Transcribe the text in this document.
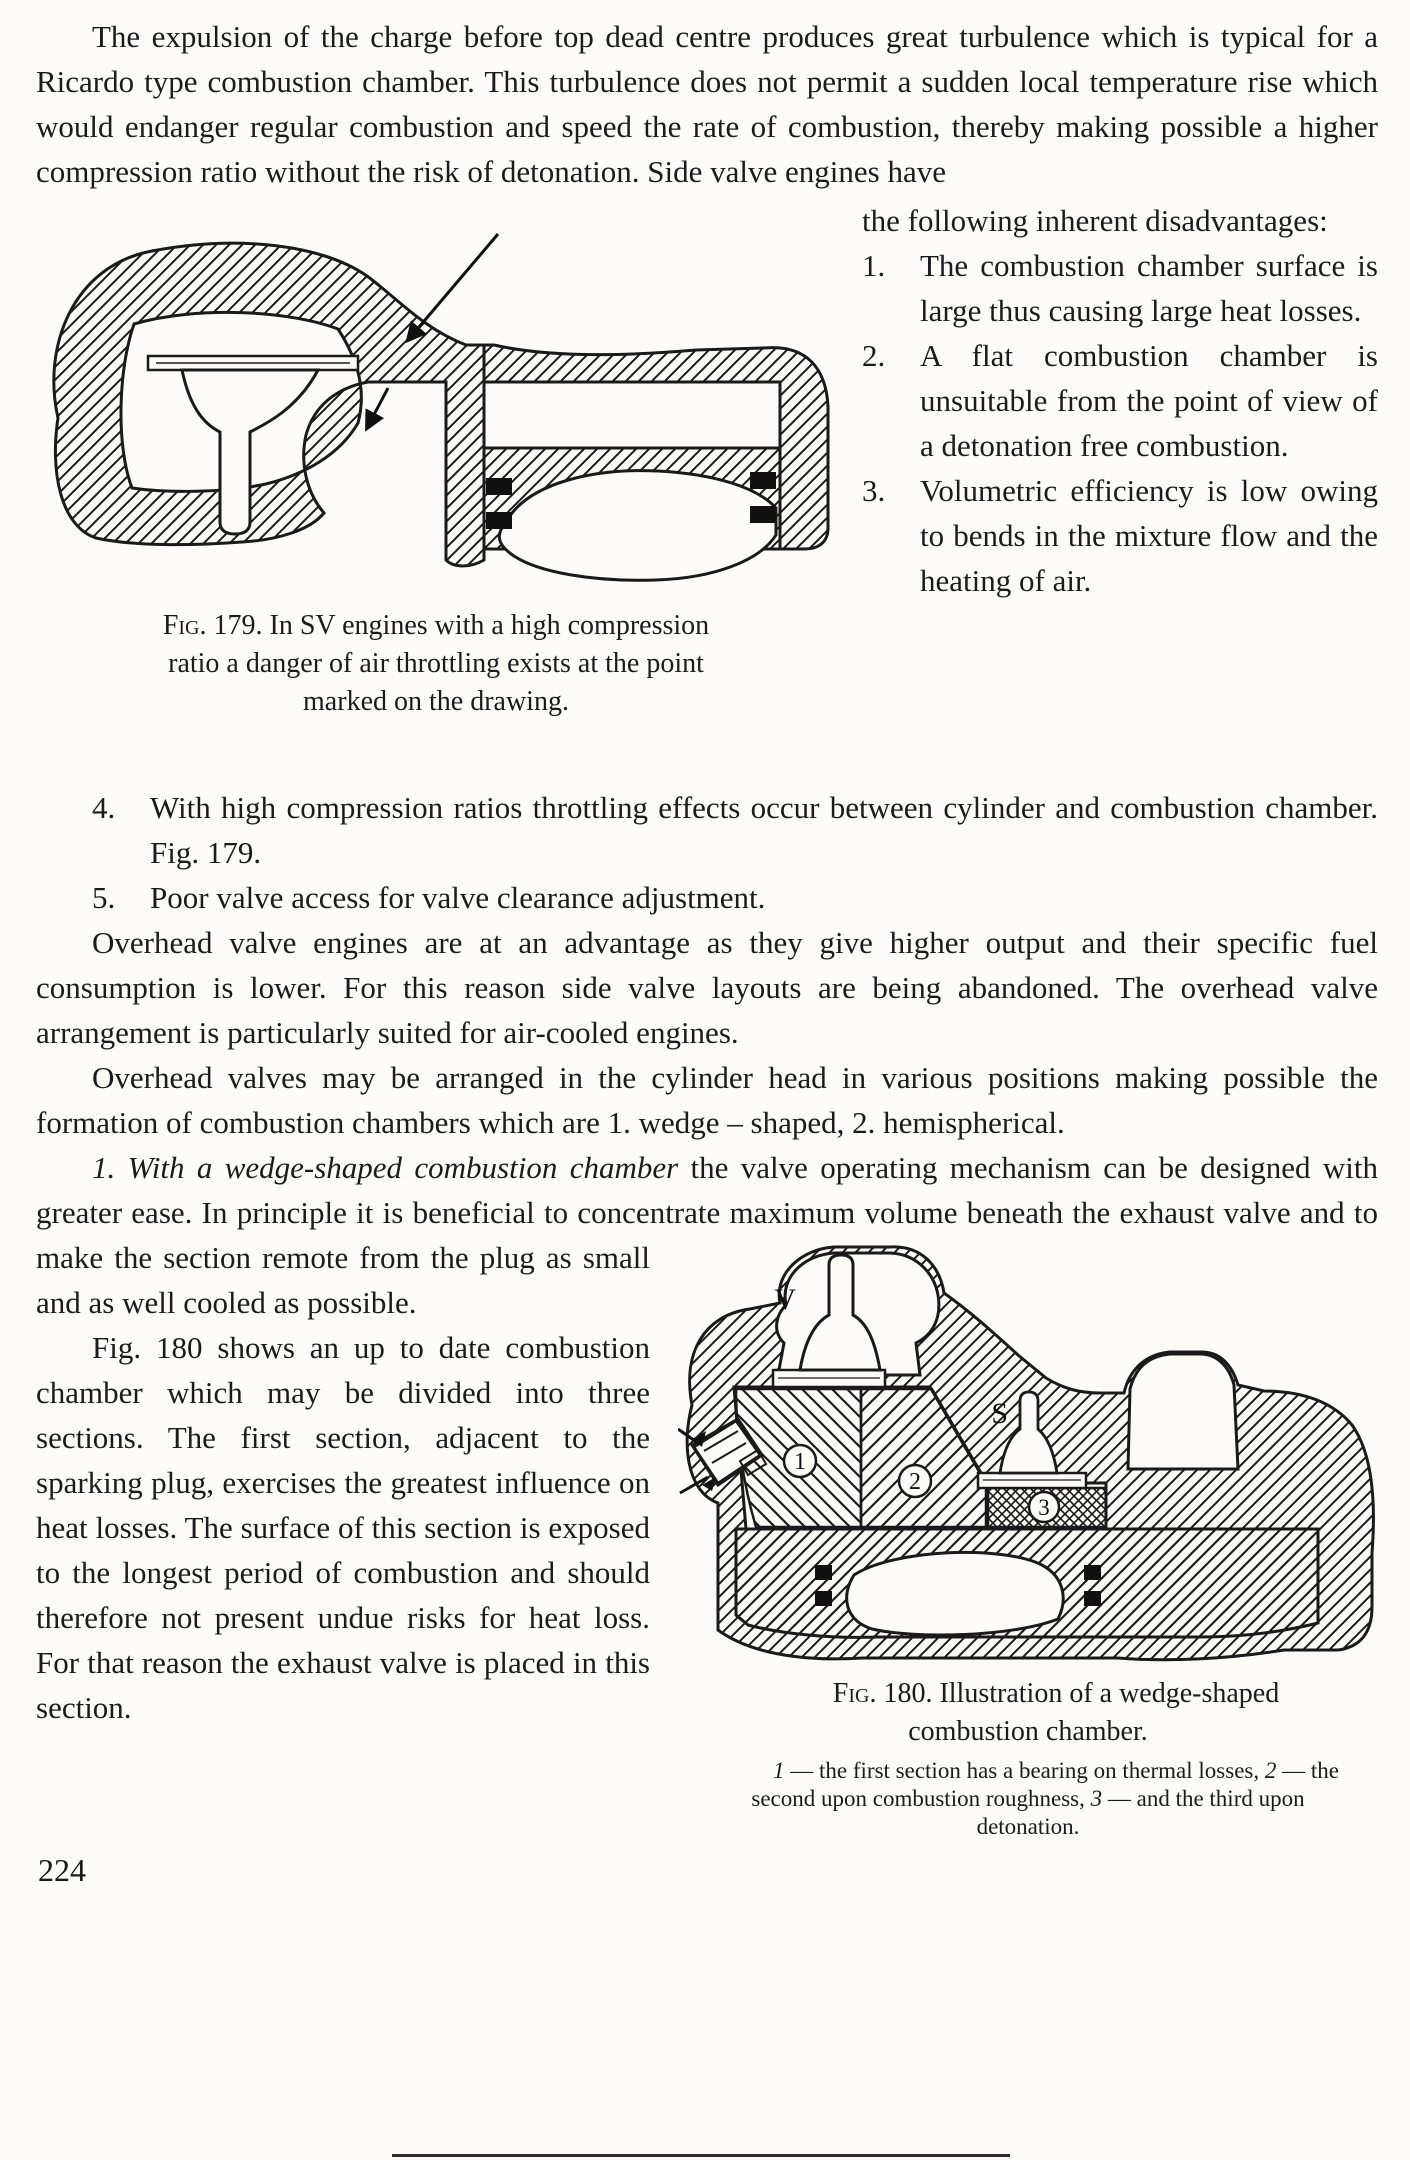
The expulsion of the charge before top dead centre produces great turbulence which is typical for a Ricardo type combustion chamber. This turbulence does not permit a sudden local temperature rise which would endanger regular combustion and speed the rate of combustion, thereby making possible a higher compression ratio without the risk of detonation. Side valve engines have
Fig. 179. In SV engines with a high compression ratio a danger of air throttling exists at the point marked on the drawing.
the following inherent disadvantages:
1. The combustion chamber surface is large thus causing large heat losses.
2. A flat combustion chamber is unsuitable from the point of view of a detonation free combustion.
3. Volumetric efficiency is low owing to bends in the mixture flow and the heating of air.
4. With high compression ratios throttling effects occur between cylinder and combustion chamber. Fig. 179.
5. Poor valve access for valve clearance adjustment.
Overhead valve engines are at an advantage as they give higher output and their specific fuel consumption is lower. For this reason side valve layouts are being abandoned. The overhead valve arrangement is particularly suited for air-cooled engines.
Overhead valves may be arranged in the cylinder head in various positions making possible the formation of combustion chambers which are 1. wedge – shaped, 2. hemispherical.
1. With a wedge-shaped combustion chamber the valve operating mechanism can be designed with greater ease. In principle it is beneficial to concentrate maximum volume beneath the exhaust valve and to make the section
1
2
3
V
S
Fig. 180. Illustration of a wedge-shaped combustion chamber.
1 — the first section has a bearing on thermal losses, 2 — the second upon combustion roughness, 3 — and the third upon detonation.
remote from the plug as small and as well cooled as possible.
Fig. 180 shows an up to date combustion chamber which may be divided into three sections. The first section, adjacent to the sparking plug, exercises the greatest influence on heat losses. The surface of this section is exposed to the longest period of combustion and should therefore not present undue risks for heat loss. For that reason the exhaust valve is placed in this section.
224
